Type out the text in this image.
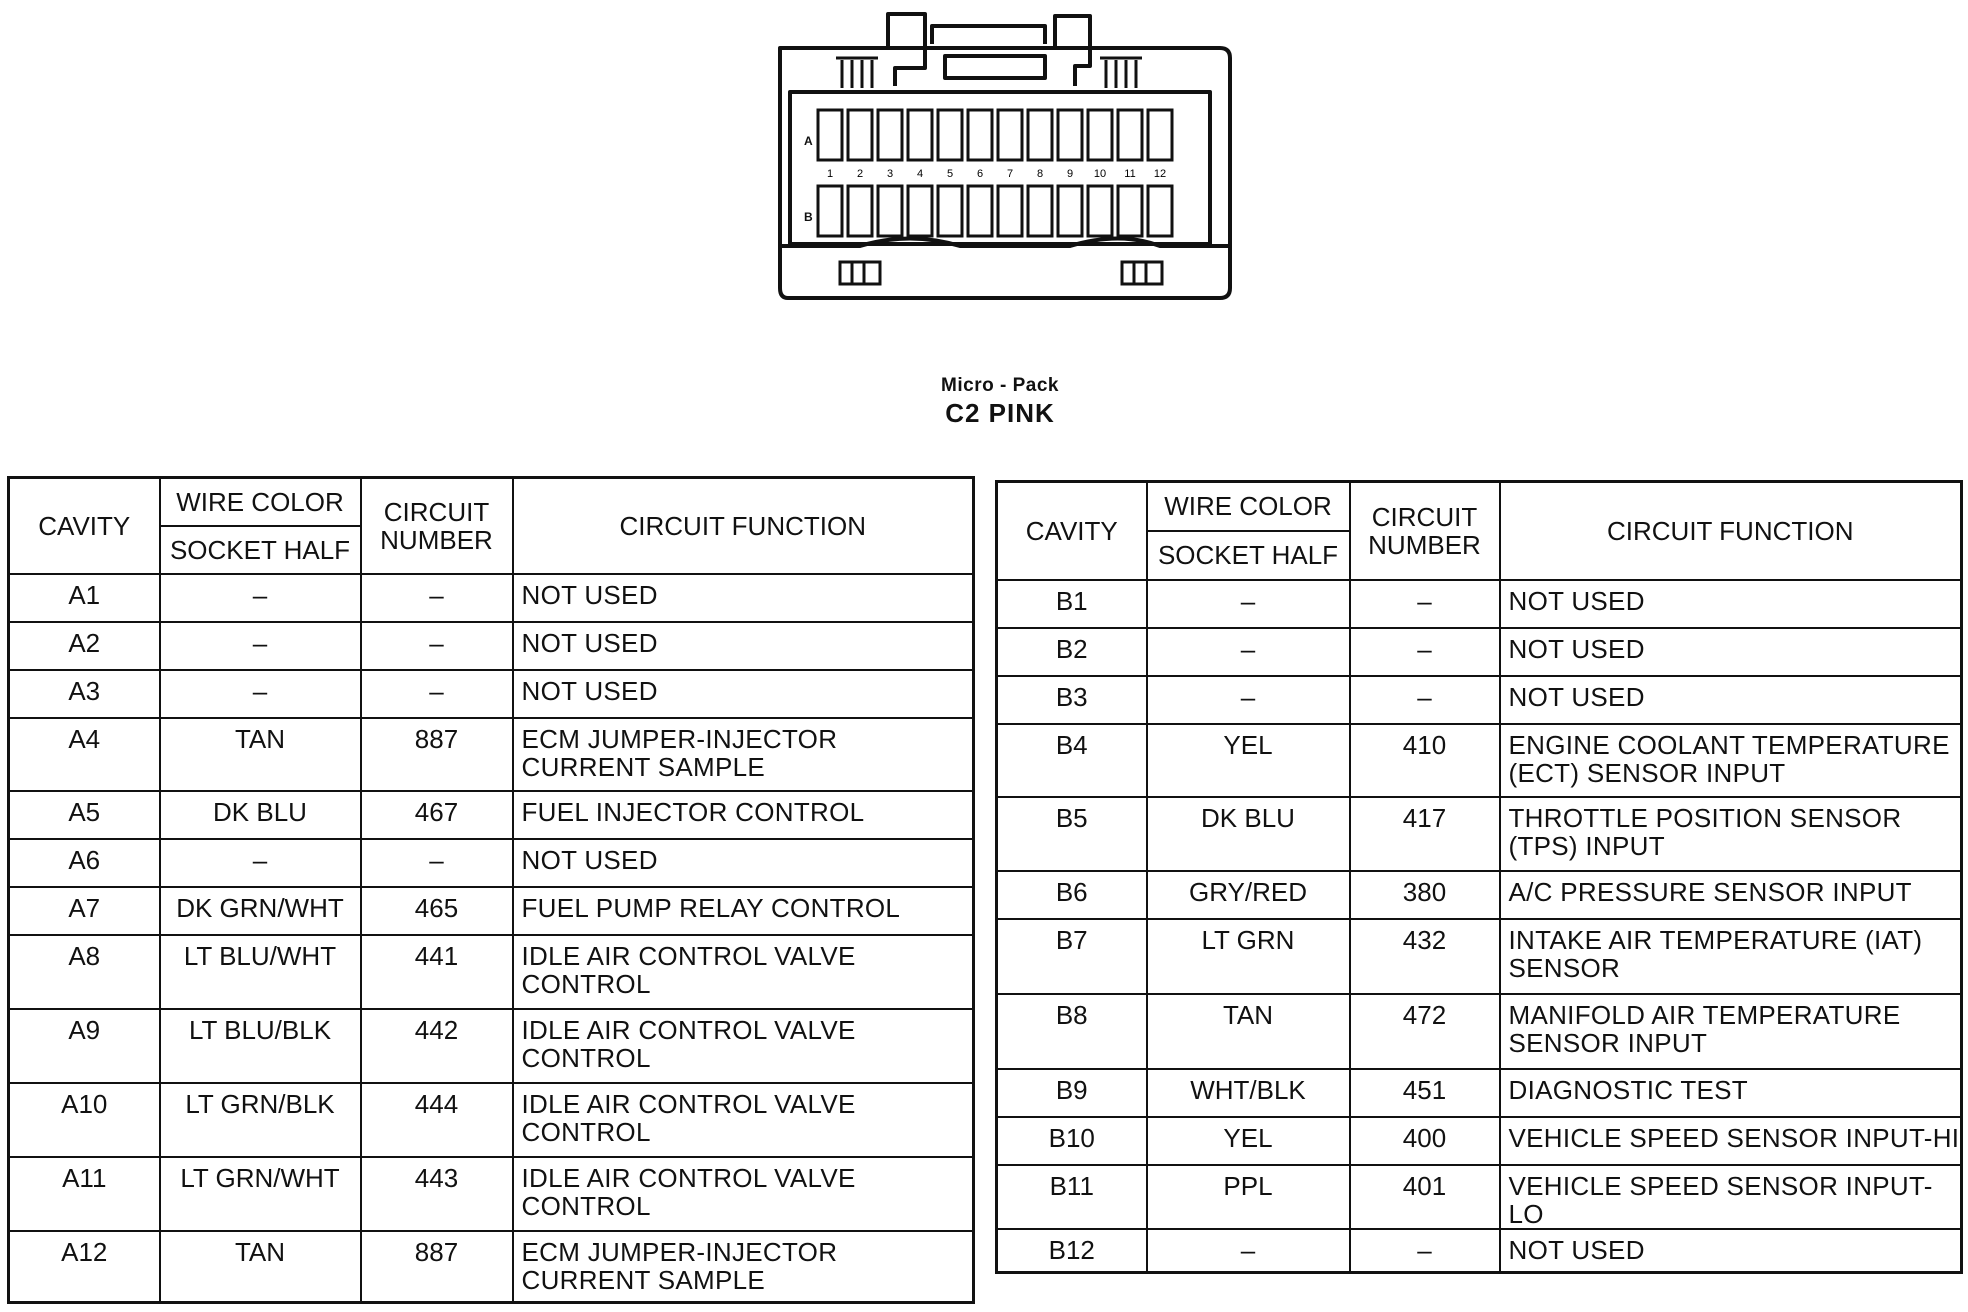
A
B
1 2 3 4 5 6 7 8 9 10 11 12
Micro - Pack
C2 PINK
CAVITY	WIRE COLOR	CIRCUIT NUMBER	CIRCUIT FUNCTION
	SOCKET HALF		
A1	–	–	NOT USED
A2	–	–	NOT USED
A3	–	–	NOT USED
A4	TAN	887	ECM JUMPER-INJECTOR CURRENT SAMPLE
A5	DK BLU	467	FUEL INJECTOR CONTROL
A6	–	–	NOT USED
A7	DK GRN/WHT	465	FUEL PUMP RELAY CONTROL
A8	LT BLU/WHT	441	IDLE AIR CONTROL VALVE CONTROL
A9	LT BLU/BLK	442	IDLE AIR CONTROL VALVE CONTROL
A10	LT GRN/BLK	444	IDLE AIR CONTROL VALVE CONTROL
A11	LT GRN/WHT	443	IDLE AIR CONTROL VALVE CONTROL
A12	TAN	887	ECM JUMPER-INJECTOR CURRENT SAMPLE
CAVITY	WIRE COLOR	CIRCUIT NUMBER	CIRCUIT FUNCTION
	SOCKET HALF		
B1	–	–	NOT USED
B2	–	–	NOT USED
B3	–	–	NOT USED
B4	YEL	410	ENGINE COOLANT TEMPERATURE (ECT) SENSOR INPUT
B5	DK BLU	417	THROTTLE POSITION SENSOR (TPS) INPUT
B6	GRY/RED	380	A/C PRESSURE SENSOR INPUT
B7	LT GRN	432	INTAKE AIR TEMPERATURE (IAT) SENSOR
B8	TAN	472	MANIFOLD AIR TEMPERATURE SENSOR INPUT
B9	WHT/BLK	451	DIAGNOSTIC TEST
B10	YEL	400	VEHICLE SPEED SENSOR INPUT-HI
B11	PPL	401	VEHICLE SPEED SENSOR INPUT-LO
B12	–	–	NOT USED
